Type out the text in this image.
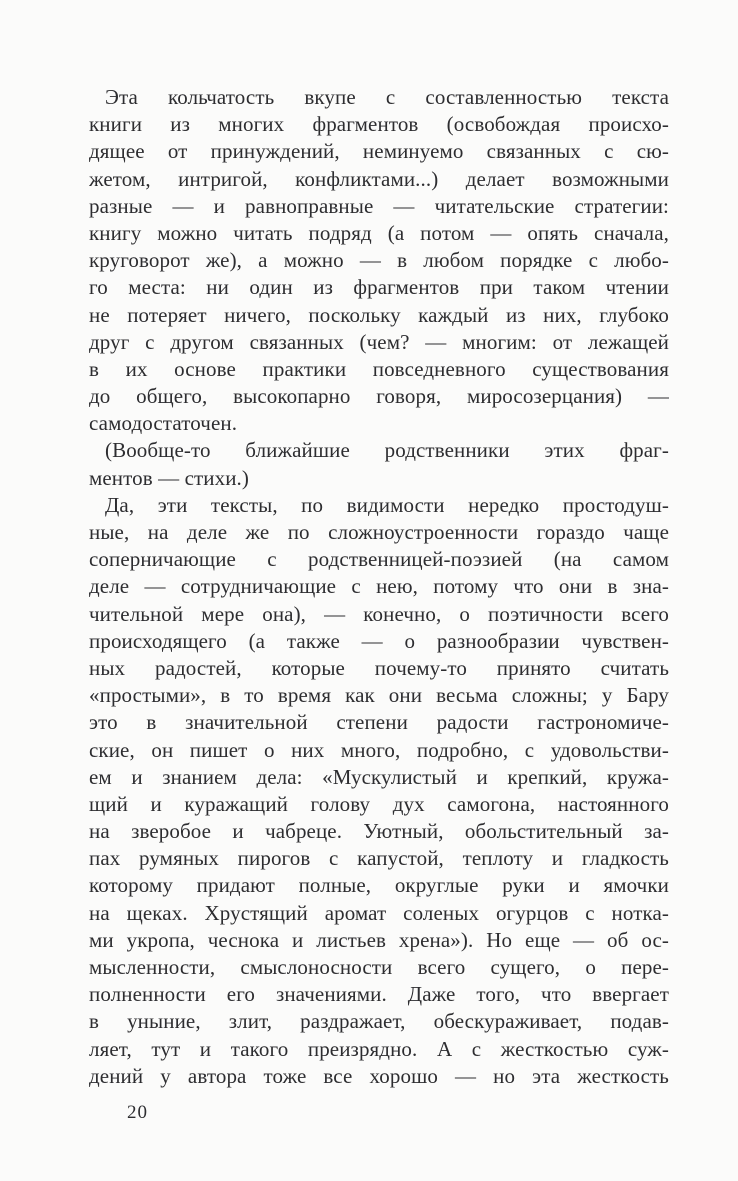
Эта кольчатость вкупе с составленностью текста
книги из многих фрагментов (освобождая происхо-
дящее от принуждений, неминуемо связанных с сю-
жетом, интригой, конфликтами...) делает возможными
разные — и равноправные — читательские стратегии:
книгу можно читать подряд (а потом — опять сначала,
круговорот же), а можно — в любом порядке с любо-
го места: ни один из фрагментов при таком чтении
не потеряет ничего, поскольку каждый из них, глубоко
друг с другом связанных (чем? — многим: от лежащей
в их основе практики повседневного существования
до общего, высокопарно говоря, миросозерцания) —
самодостаточен.
(Вообще-то ближайшие родственники этих фраг-
ментов — стихи.)
Да, эти тексты, по видимости нередко простодуш-
ные, на деле же по сложноустроенности гораздо чаще
соперничающие с родственницей-поэзией (на самом
деле — сотрудничающие с нею, потому что они в зна-
чительной мере она), — конечно, о поэтичности всего
происходящего (а также — о разнообразии чувствен-
ных радостей, которые почему-то принято считать
«простыми», в то время как они весьма сложны; у Бару
это в значительной степени радости гастрономиче-
ские, он пишет о них много, подробно, с удовольстви-
ем и знанием дела: «Мускулистый и крепкий, кружа-
щий и куражащий голову дух самогона, настоянного
на зверобое и чабреце. Уютный, обольстительный за-
пах румяных пирогов с капустой, теплоту и гладкость
которому придают полные, округлые руки и ямочки
на щеках. Хрустящий аромат соленых огурцов с нотка-
ми укропа, чеснока и листьев хрена»). Но еще — об ос-
мысленности, смыслоносности всего сущего, о пере-
полненности его значениями. Даже того, что ввергает
в уныние, злит, раздражает, обескураживает, подав-
ляет, тут и такого преизрядно. А с жесткостью суж-
дений у автора тоже все хорошо — но эта жесткость
20
